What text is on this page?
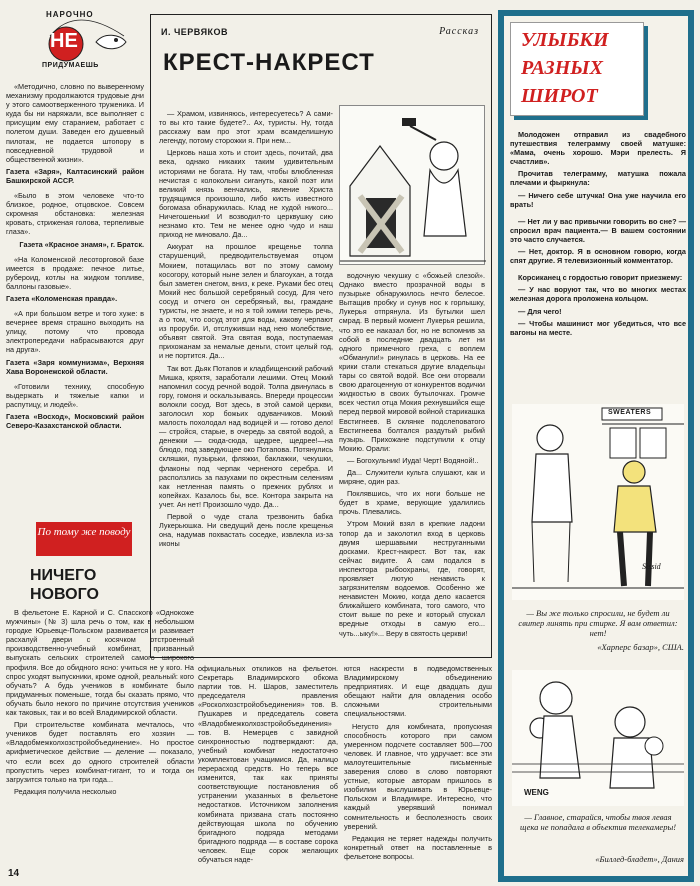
НАРОЧНО
НЕ
ПРИДУМАЕШЬ

«Методично, словно по выверенному механизму продолжаются трудовые дни у этого самоотверженного труженика. И куда бы ни наряжали, все выполняет с присущим ему старанием, работает с полетом души. Заведен его душевный пилотаж, не подается штопору в повседневной трудовой и общественной жизни».

Газета «Заря», Калтасинский район Башкирской АССР.

«Было в этом человеке что-то близкое, родное, отцовское. Совсем скромная обстановка: железная кровать, стриженая голова, терпеливые глаза».

Газета «Красное знамя», г. Братск.

«На Коломенской лесоторговой базе имеется в продаже: печное литье, рубероид, котлы на жидком топливе, баллоны газовые».

Газета «Коломенская правда».

«А при большом ветре и того хуже: в вечернее время страшно выходить на улицу, потому что провода электропередачи набрасываются друг на друга».

Газета «Заря коммунизма», Верхняя Хава Воронежской области.

«Готовили технику, способную выдержать и тяжелые капки и распутицу, и людей».

Газета «Восход», Московский район Северо-Казахстанской области.
По тому же поводу
НИЧЕГО НОВОГО

В фельетоне Е. Карной и С. Спасского «Однокоже мужчины» (№ 3) шла речь о том, как в небольшом городке Юрьевце-Польском развивается и развивает расхалуй двери с косячком отстроенный производственно-учебный комбинат, призванный выпускать сельских строителей самого широкого профиля. Все до обидного ясно: учиться не у кого. На спрос уходят выпускники, кроме одной, реальный: кого обучать? А будь учеников в комбинате было придуманных поменьше, тогда бы сказать прямо, что обучать было некого по причине отсутствия учеников как таковых, так и во всей Владимирской области.

При строительстве комбината мечталось, что учеников будет поставлять его хозяин — «Владобмежколхозстройобъединение». Но простое арифметическое действие — деление — показало, что если всех до одного строителей области пропустить через комбинат-гигант, то и тогда он загрузится только на три года...

Редакция получила несколько

И. ЧЕРВЯКОВ	Рассказ
КРЕСТ-НАКРЕСТ

— Храмом, извиняюсь, интересуетесь? А сами-то вы кто такие будете?.. Ах, туристы. Ну, тогда расскажу вам про этот храм всамделишную легенду, потому сторожки я. При нем...

Церковь наша хоть и стоит здесь, почитай, два века, однако никаких таким удивительным историями не богата. Ну там, чтобы влюбленная нечистая с колокольни сигануть, какой поэт или великий князь венчались, явление Христа трудящимся произошло, либо кисть известного богомаза обнаружилась. Клад не худой никого... Ничегошеньки! И возводил-то церквушку сию незнамо кто. Тем не менее одно чудо и наш приход не миновало. Да...

Аккурат на прошлое крещенье толпа старушенций, предводительствуемая отцом Мокием, потащилась вот по этому самому косогору, который ныне зелен и благоухан, а тогда был заметен снегом, вниз, к реке. Руками бес отец Мокий нес большой серебряный сосуд. Для чего сосуд и отчего он серебряный, вы, граждане туристы, не знаете, и но я той химии теперь речь, а о том, что сосуд этот для воды, какову черпают из проруби. И, отслуживши над нею молебствие, объявят святой. Эта святая вода, поступаемая прихожанам за немалые деньги, стоит целый год, и не портится. Да...

Так вот. Дьяк Потапов и кладбищенский рабочий Мишка, кряхтя, заработали лешими. Отец Мокий напомнил сосуд речной водой. Толпа двинулась в гору, гомоня и оскальзываясь. Впереди процессии волокли сосуд. Вот здесь, в этой самой церкви, заголосил хор божьих одуванчиков. Мокий малость похолодал над водицей и — готово дело! — стройся, старые, в очередь за святой водой, а денежки — сюда-сюда, щедрее, щедрее!—на блюдо, под заведующее око Потапова. Потянулись скляшки, пузырьки, фляжки, баклажки, чекушки, флаконы под черпак черненого серебра. И расползлись за пазухами по окрестным селениям как нетленная память о прежних рублях и копейках. Казалось бы, все. Контора закрыта на учет. Ан нет! Произошло чудо. Да...

Первой о чуде стала трезвонить бабка Лукерьюшка. Ни сведущий день после крещенья она, надумав похвастать соседке, извлекла из-за иконы

водочную чекушку с «божьей слезой». Однако вместо прозрачной воды в пузырьке обнаружилось нечто белесое. Вытащив пробку и сунув нос к горлышку, Лукерья отпрянула. Из бутылки шел смрад. В первый момент Лукерья решила, что это ее наказал бог, но не вспомнив за собой в последние двадцать лет ни одного примечного греха, с воплем «Обманули!» ринулась в церковь. На ее крики стали стекаться другие владельцы тары со святой водой. Все они оторвали свою драгоценную от конкурентов водички жидкостью в своих бутылочках. Громче всех честил отца Мокия рехнувшийся еще перед первой мировой войной старикашка Евстигнеев. В склянке подслеповатого Евстигнеева болтался раздутый рыбий пузырь. Прихожане подступили к отцу Мокию. Орали:

— Богохульник! Иуда! Черт! Водяной!..

Да... Служители культа слушают, как и миряне, один раз.

Поклявшись, что их ноги больше не будет в храме, верующие удалились прочь. Плевались.

Утром Мокий взял в крепкие ладони топор да и заколотил вход в церковь двумя шершавыми неструганными досками. Крест-накрест. Вот так, как сейчас видите. А сам подался в инспектора рыбоохраны, где, говорят, проявляет лютую ненависть к загрязнителям водоемов. Особенно же ненавистен Мокию, когда дело касается ближайшего комбината, того самого, что стоит выше по реке и который спускал вредные отходы в самую его... чуть...ыку!»... Веру в святость церкви!

официальных откликов на фельетон. Секретарь Владимирского обкома партии тов. Н. Шаров, заместитель председателя правления «Росколхозстройобъединения» тов. В. Пушкарев и председатель совета «Владобмежколхозстройобъединения» тов. В. Немерцев с завидной синхронностью подтверждают: да, учебный комбинат недостаточно укомплектован учащимися. Да, налицо перерасход средств. Но теперь все изменится, так как приняты соответствующие постановления об устранении указанных в фельетоне недостатков. Источником заполнения комбината призвана стать постоянно действующая школа по обучению бригадного подряда методами бригадного подряда — в составе сорока человек. Еще сорок желающих обучаться наде-

ются наскрести в подведомственных Владимирскому объединению предприятиях. И еще двадцать душ обещают найти для овладения особо сложными строительными специальностями.

Негусто для комбината, пропускная способность которого при самом умеренном подсчете составляет 500—700 человек. И главное, что удручает: все эти малоутешительные письменные заверения слово в слово повторяют устные, которые авторам пришлось в изобилии выслушивать в Юрьевце-Польском и Владимире. Интересно, что каждый уверявший понимал сомнительность и бесполезность своих уверений.

Редакция не теряет надежды получить конкретный ответ на поставленные в фельетоне вопросы.

УЛЫБКИ
РАЗНЫХ
ШИРОТ

Молодожен отправил из свадебного путешествия телеграмму своей матушке: «Мама, очень хорошо. Мэри прелесть. Я счастлив».

Прочитав телеграмму, матушка пожала плечами и фыркнула:

— Ничего себе штучка! Она уже научила его врать!

— Нет ли у вас привычки говорить во сне? — спросил врач пациента.— В вашем состоянии это часто случается.

— Нет, доктор. Я в основном говорю, когда спят другие. Я телевизионный комментатор.

Корсиканец с гордостью говорит приезжему:

— У нас воруют так, что во многих местах железная дорога проложена кольцом.

— Для чего!

— Чтобы машинист мог убедиться, что все вагоны на месте.

SWEATERS
Sissid
— Вы же только спросили, не будет ли свитер линять при стирке. Я вам ответил: нет!
«Харперс базар», США.
WENG
— Главное, старайся, чтобы твоя левая щека не попадала в объектив телекамеры!
«Биллед-бладет», Дания
14
